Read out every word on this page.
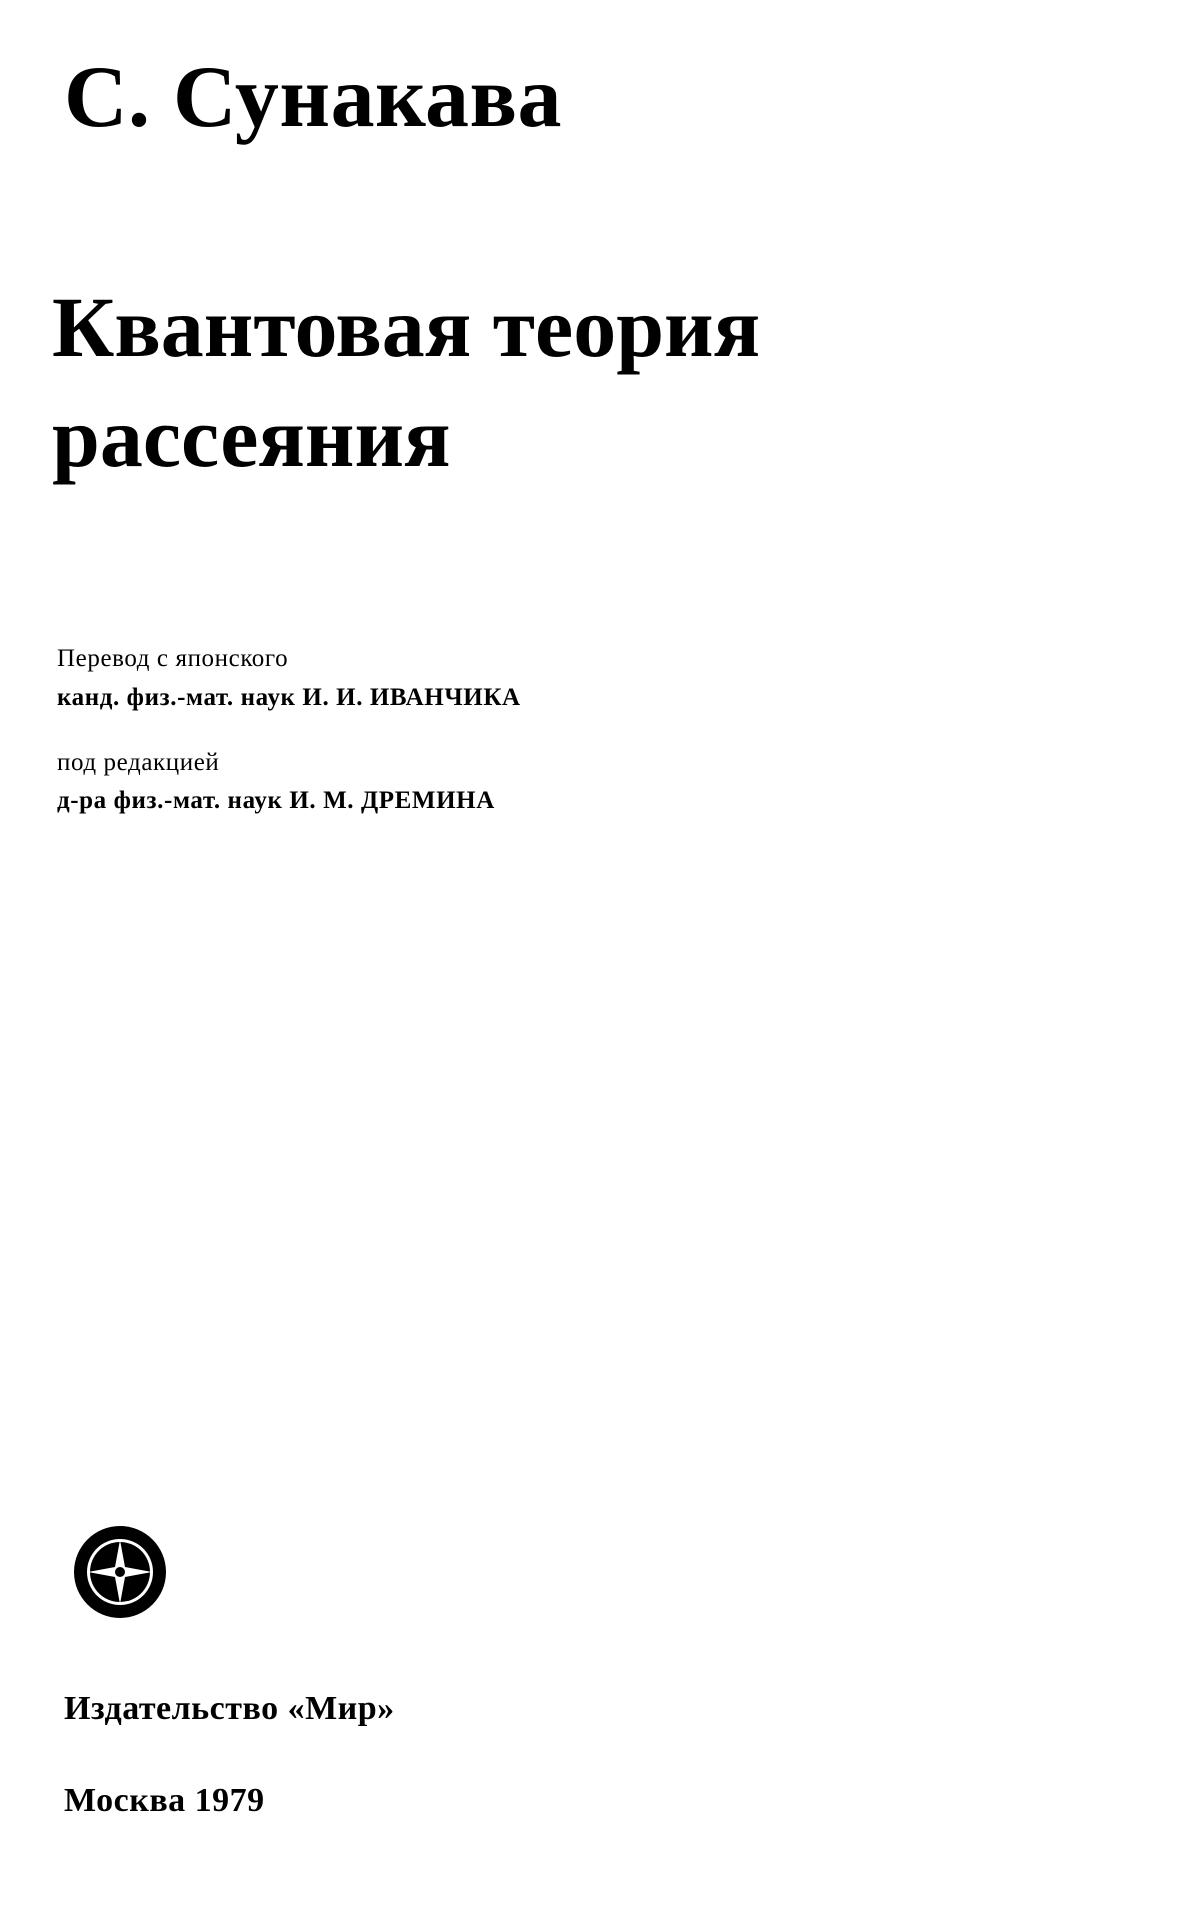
С. Сунакава
Квантовая теория
рассеяния
Перевод с японского
канд. физ.-мат. наук И. И. ИВАНЧИКА
под редакцией
д-ра физ.-мат. наук И. М. ДРЕМИНА
Издательство «Мир»
Москва 1979
